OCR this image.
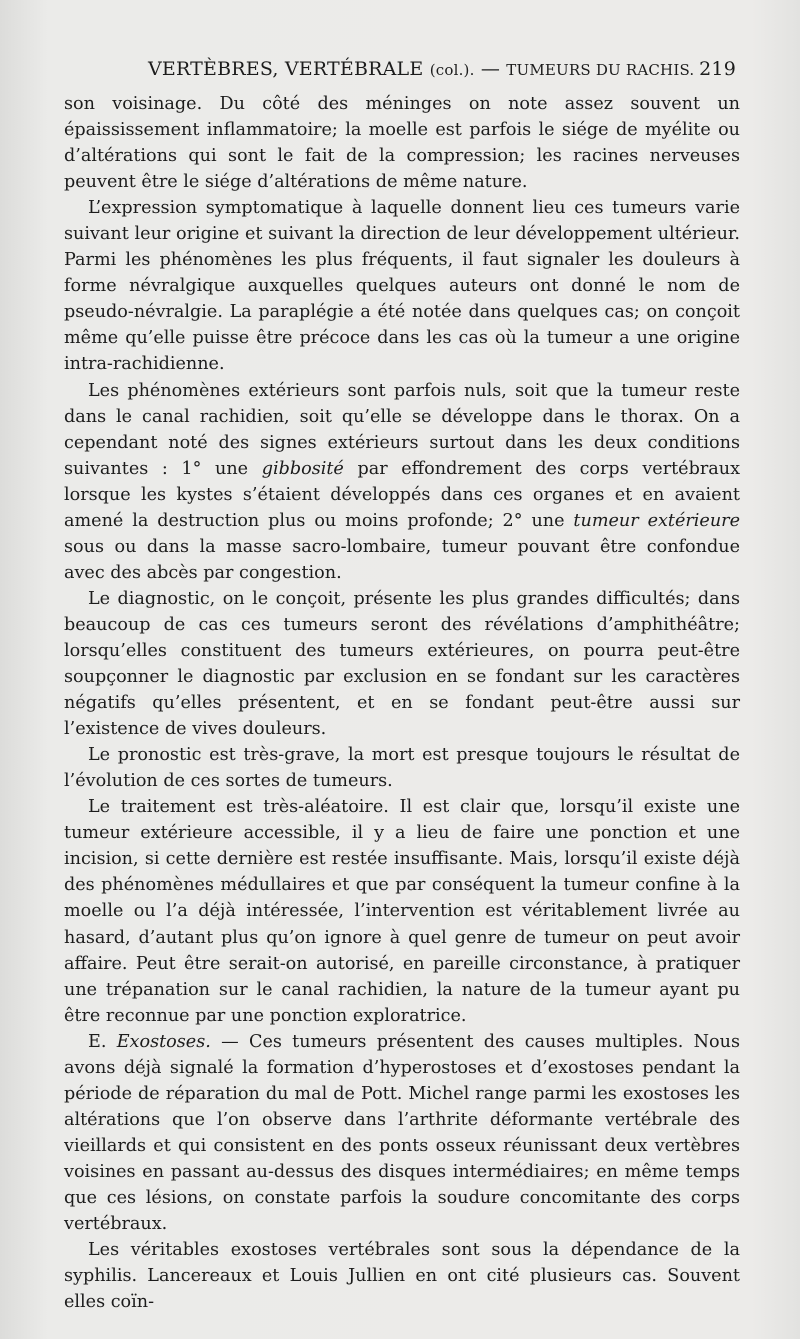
VERTÈBRES, VERTÉBRALE (col.). — TUMEURS DU RACHIS. 219

son voisinage. Du côté des méninges on note assez souvent un épaississement inflammatoire; la moelle est parfois le siége de myélite ou d’altérations qui sont le fait de la compression; les racines nerveuses peuvent être le siége d’altérations de même nature.

L’expression symptomatique à laquelle donnent lieu ces tumeurs varie suivant leur origine et suivant la direction de leur développement ultérieur. Parmi les phénomènes les plus fréquents, il faut signaler les douleurs à forme névralgique auxquelles quelques auteurs ont donné le nom de pseudo-névralgie. La paraplégie a été notée dans quelques cas; on conçoit même qu’elle puisse être précoce dans les cas où la tumeur a une origine intra-rachidienne.

Les phénomènes extérieurs sont parfois nuls, soit que la tumeur reste dans le canal rachidien, soit qu’elle se développe dans le thorax. On a cependant noté des signes extérieurs surtout dans les deux conditions suivantes : 1° une gibbosité par effondrement des corps vertébraux lorsque les kystes s’étaient développés dans ces organes et en avaient amené la destruction plus ou moins profonde; 2° une tumeur extérieure sous ou dans la masse sacro-lombaire, tumeur pouvant être confondue avec des abcès par congestion.

Le diagnostic, on le conçoit, présente les plus grandes difficultés; dans beaucoup de cas ces tumeurs seront des révélations d’amphithéâtre; lorsqu’elles constituent des tumeurs extérieures, on pourra peut-être soupçonner le diagnostic par exclusion en se fondant sur les caractères négatifs qu’elles présentent, et en se fondant peut-être aussi sur l’existence de vives douleurs.

Le pronostic est très-grave, la mort est presque toujours le résultat de l’évolution de ces sortes de tumeurs.

Le traitement est très-aléatoire. Il est clair que, lorsqu’il existe une tumeur extérieure accessible, il y a lieu de faire une ponction et une incision, si cette dernière est restée insuffisante. Mais, lorsqu’il existe déjà des phénomènes médullaires et que par conséquent la tumeur confine à la moelle ou l’a déjà intéressée, l’intervention est véritablement livrée au hasard, d’autant plus qu’on ignore à quel genre de tumeur on peut avoir affaire. Peut être serait-on autorisé, en pareille circonstance, à pratiquer une trépanation sur le canal rachidien, la nature de la tumeur ayant pu être reconnue par une ponction exploratrice.

E. Exostoses. — Ces tumeurs présentent des causes multiples. Nous avons déjà signalé la formation d’hyperostoses et d’exostoses pendant la période de réparation du mal de Pott. Michel range parmi les exostoses les altérations que l’on observe dans l’arthrite déformante vertébrale des vieillards et qui consistent en des ponts osseux réunissant deux vertèbres voisines en passant au-dessus des disques intermédiaires; en même temps que ces lésions, on constate parfois la soudure concomitante des corps vertébraux.

Les véritables exostoses vertébrales sont sous la dépendance de la syphilis. Lancereaux et Louis Jullien en ont cité plusieurs cas. Souvent elles coïn-
